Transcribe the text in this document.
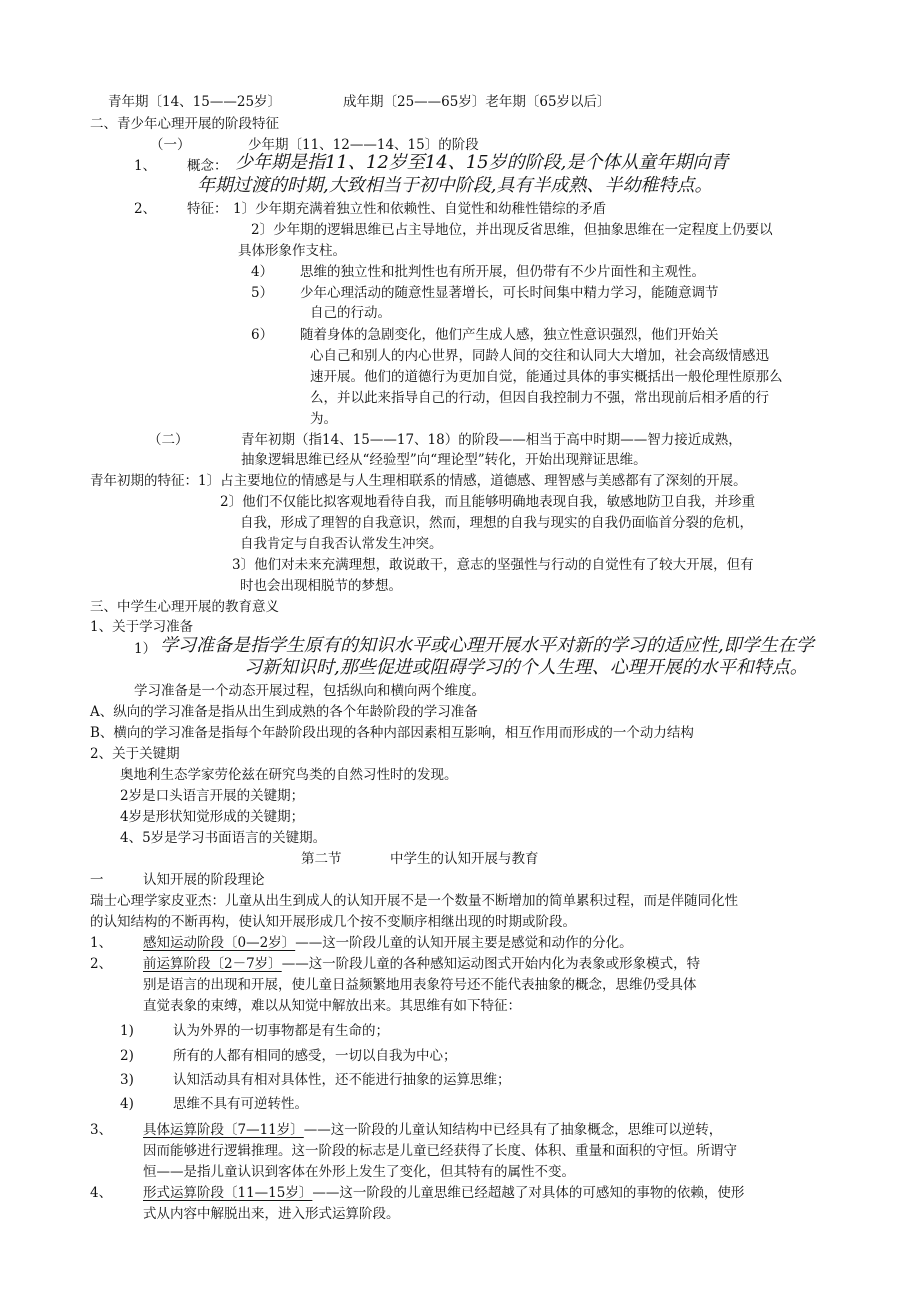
青年期〔14、15——25岁〕	成年期〔25——65岁〕老年期〔65岁以后〕
二、青少年心理开展的阶段特征
（一）	少年期〔11、12——14、15〕的阶段
1、 概念： 少年期是指11、12岁至14、15岁的阶段,是个体从童年期向青
年期过渡的时期,大致相当于初中阶段,具有半成熟、半幼稚特点。
2、 特征： 1〕少年期充满着独立性和依赖性、自觉性和幼稚性错综的矛盾
2〕少年期的逻辑思维已占主导地位，并出现反省思维，但抽象思维在一定程度上仍要以
具体形象作支柱。
4） 思维的独立性和批判性也有所开展，但仍带有不少片面性和主观性。
5） 少年心理活动的随意性显著增长，可长时间集中精力学习，能随意调节
自己的行动。
6） 随着身体的急剧变化，他们产生成人感，独立性意识强烈，他们开始关
心自己和别人的内心世界，同龄人间的交往和认同大大增加，社会高级情感迅
速开展。他们的道德行为更加自觉，能通过具体的事实概括出一般伦理性原那么
么，并以此来指导自己的行动，但因自我控制力不强，常出现前后相矛盾的行
为。
（二）	青年初期（指14、15——17、18）的阶段——相当于高中时期——智力接近成熟，
抽象逻辑思维已经从“经验型”向“理论型”转化，开始出现辩证思维。
青年初期的特征：1〕占主要地位的情感是与人生理相联系的情感，道德感、理智感与美感都有了深刻的开展。
2〕他们不仅能比拟客观地看待自我，而且能够明确地表现自我，敏感地防卫自我，并珍重
自我，形成了理智的自我意识，然而，理想的自我与现实的自我仍面临首分裂的危机，
自我肯定与自我否认常发生冲突。
3〕他们对未来充满理想，敢说敢干，意志的坚强性与行动的自觉性有了较大开展，但有
时也会出现相脱节的梦想。
三、中学生心理开展的教育意义
1、关于学习准备
1） 学习准备是指学生原有的知识水平或心理开展水平对新的学习的适应性,即学生在学
习新知识时,那些促进或阻碍学习的个人生理、心理开展的水平和特点。
学习准备是一个动态开展过程，包括纵向和横向两个维度。
A、纵向的学习准备是指从出生到成熟的各个年龄阶段的学习准备
B、横向的学习准备是指每个年龄阶段出现的各种内部因素相互影响，相互作用而形成的一个动力结构
2、关于关键期
奥地利生态学家劳伦兹在研究鸟类的自然习性时的发现。
2岁是口头语言开展的关键期；
4岁是形状知觉形成的关键期；
4、5岁是学习书面语言的关键期。
第二节	中学生的认知开展与教育
一	认知开展的阶段理论
瑞士心理学家皮亚杰：儿童从出生到成人的认知开展不是一个数量不断增加的简单累积过程，而是伴随同化性
的认知结构的不断再构，使认知开展形成几个按不变顺序相继出现的时期或阶段。
1、 感知运动阶段〔0—2岁〕——这一阶段儿童的认知开展主要是感觉和动作的分化。
2、 前运算阶段〔2－7岁〕——这一阶段儿童的各种感知运动图式开始内化为表象或形象模式，特
别是语言的出现和开展，使儿童日益频繁地用表象符号还不能代表抽象的概念，思维仍受具体
直觉表象的束缚，难以从知觉中解放出来。其思维有如下特征：
1)	认为外界的一切事物都是有生命的；
2)	所有的人都有相同的感受，一切以自我为中心；
3)	认知活动具有相对具体性，还不能进行抽象的运算思维；
4)	思维不具有可逆转性。
3、 具体运算阶段〔7—11岁〕——这一阶段的儿童认知结构中已经具有了抽象概念，思维可以逆转，
因而能够进行逻辑推理。这一阶段的标志是儿童已经获得了长度、体积、重量和面积的守恒。所谓守
恒——是指儿童认识到客体在外形上发生了变化，但其特有的属性不变。
4、 形式运算阶段〔11—15岁〕——这一阶段的儿童思维已经超越了对具体的可感知的事物的依赖，使形
式从内容中解脱出来，进入形式运算阶段。
